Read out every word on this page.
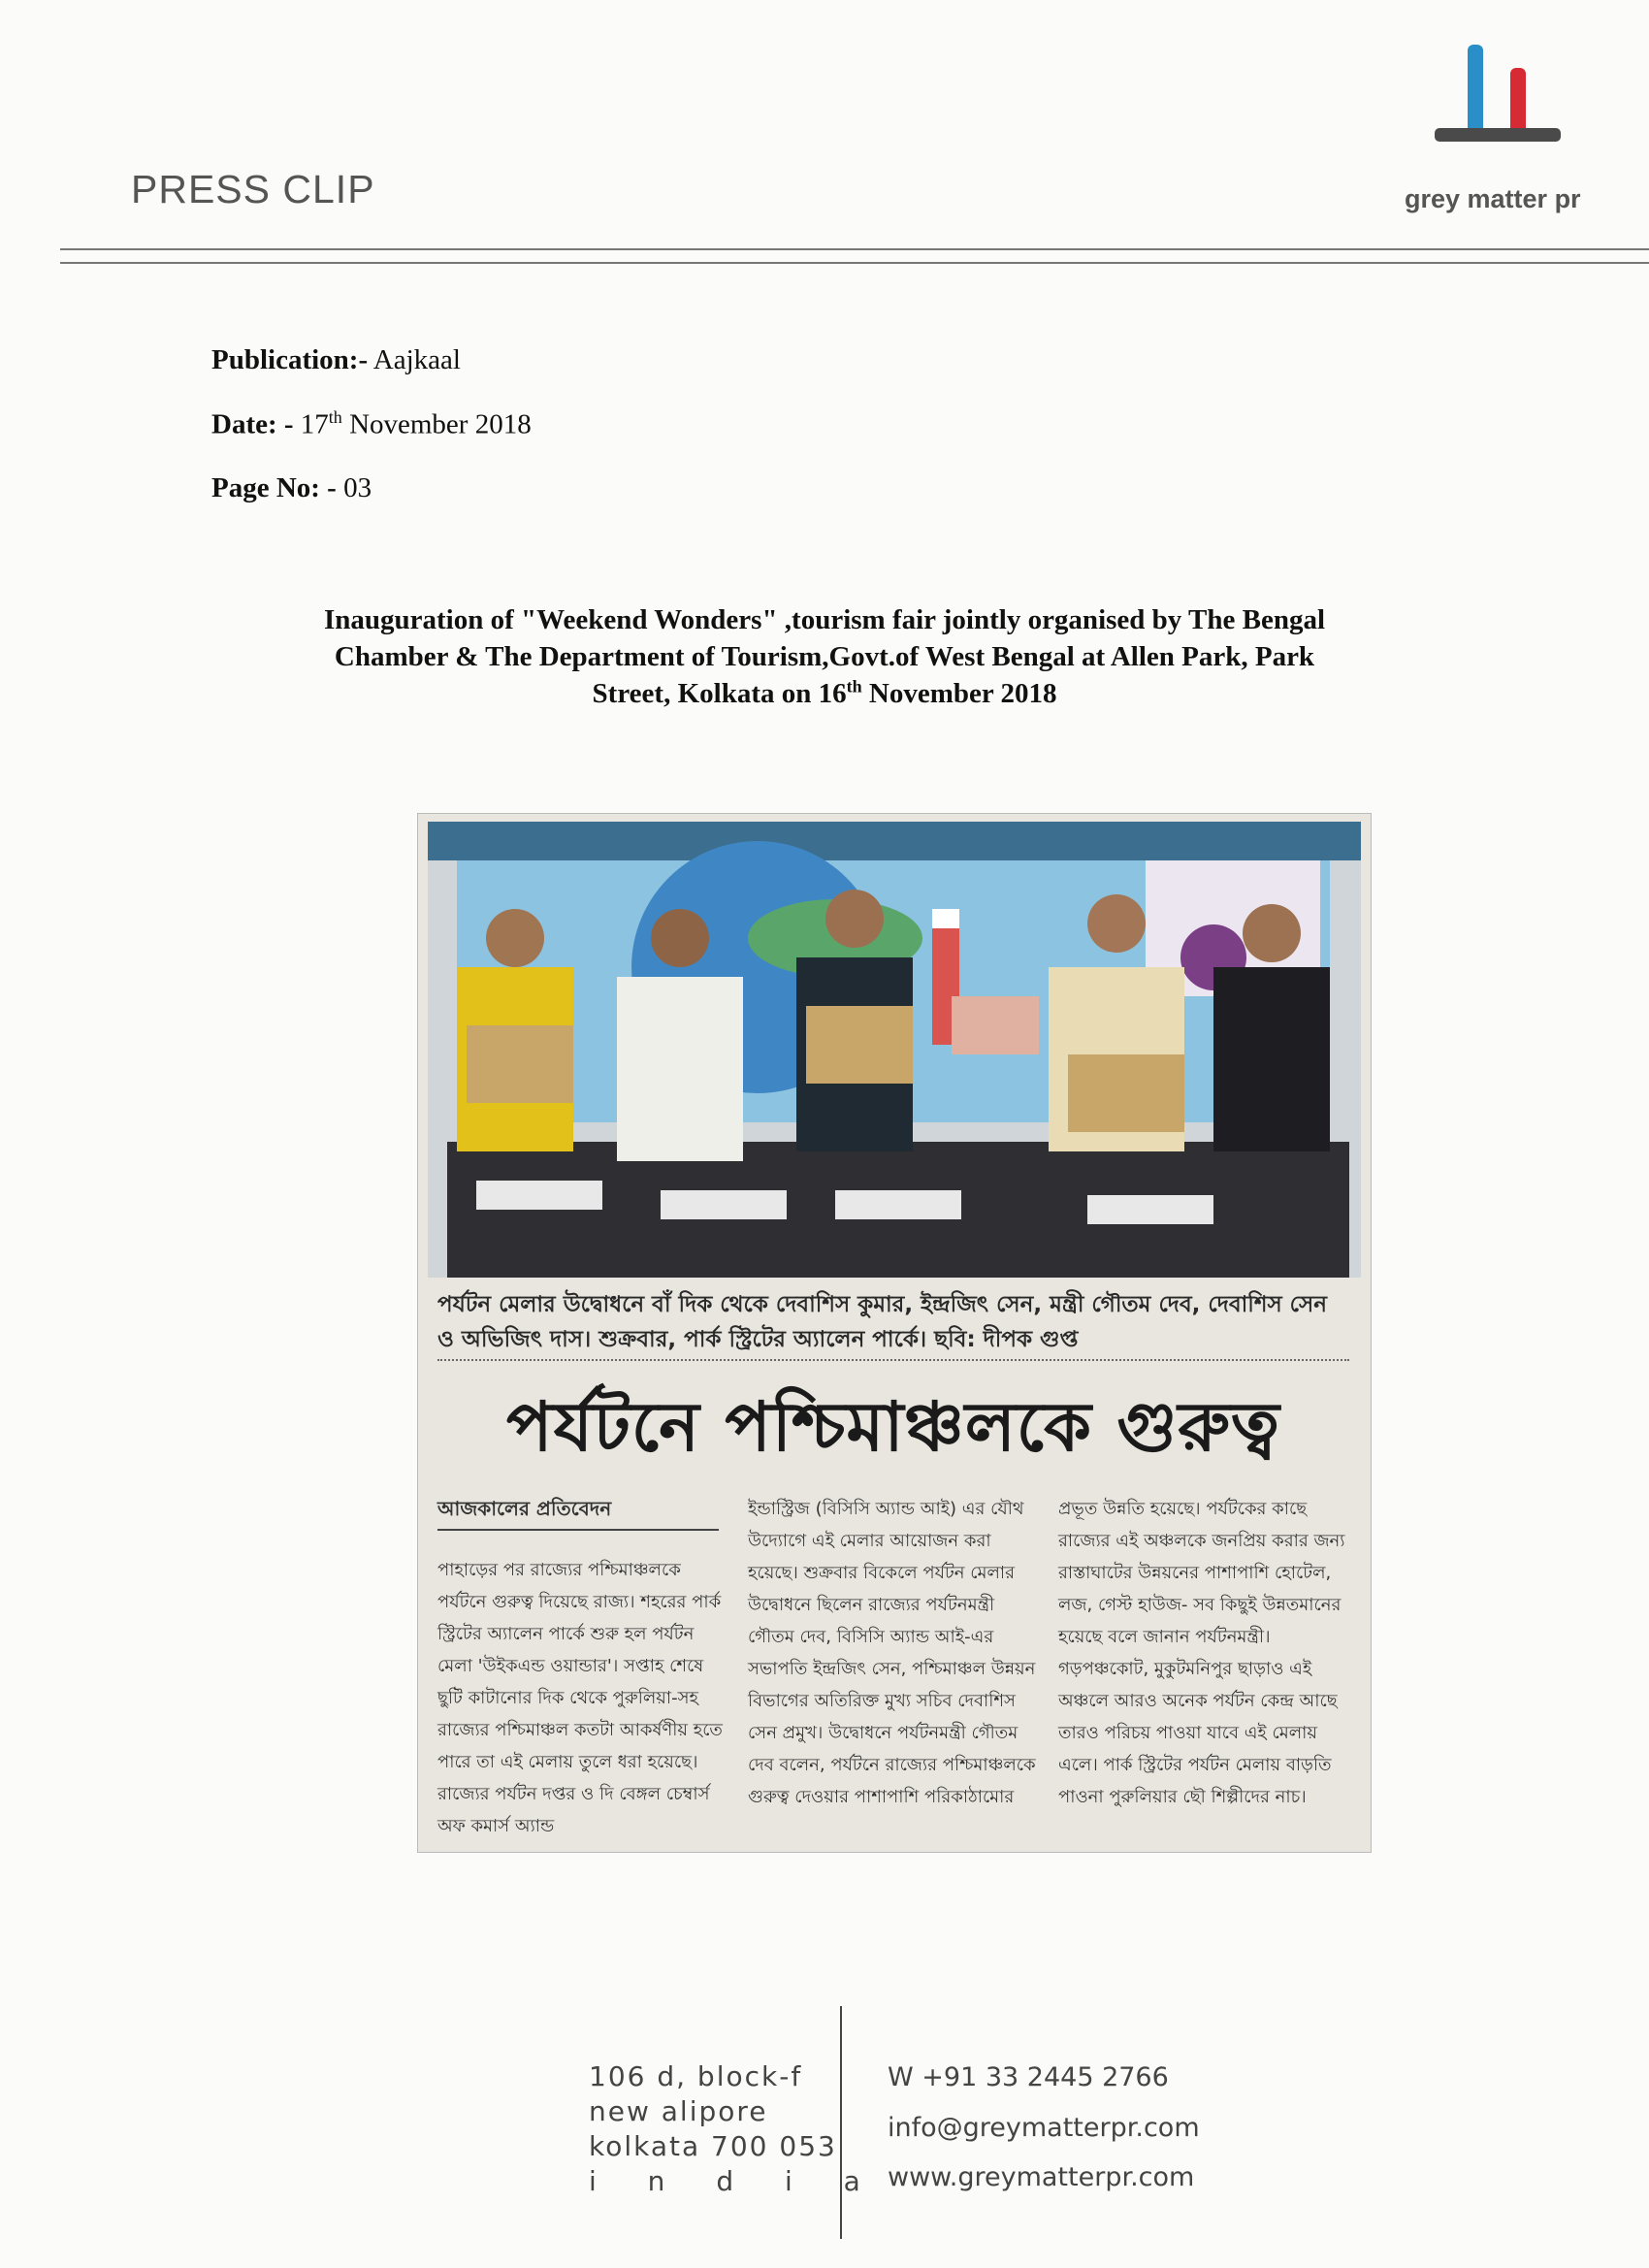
PRESS CLIP	grey matter pr
Publication:- Aajkaal
Date: - 17th November 2018
Page No: - 03
Inauguration of "Weekend Wonders" ,tourism fair jointly organised by The Bengal
Chamber & The Department of Tourism,Govt.of West Bengal at Allen Park, Park
Street, Kolkata on 16th November 2018
পর্যটন মেলার উদ্বোধনে বাঁ দিক থেকে দেবাশিস কুমার, ইন্দ্রজিৎ সেন, মন্ত্রী গৌতম দেব, দেবাশিস সেন
ও অভিজিৎ দাস। শুক্রবার, পার্ক স্ট্রিটের অ্যালেন পার্কে। ছবি: দীপক গুপ্ত
পর্যটনে পশ্চিমাঞ্চলকে গুরুত্ব
আজকালের প্রতিবেদন
পাহাড়ের পর রাজ্যের পশ্চিমাঞ্চলকে পর্যটনে গুরুত্ব দিয়েছে রাজ্য। শহরের পার্ক স্ট্রিটের অ্যালেন পার্কে শুরু হল পর্যটন মেলা 'উইকএন্ড ওয়ান্ডার'। সপ্তাহ শেষে ছুটি কাটানোর দিক থেকে পুরুলিয়া-সহ রাজ্যের পশ্চিমাঞ্চল কতটা আকর্ষণীয় হতে পারে তা এই মেলায় তুলে ধরা হয়েছে। রাজ্যের পর্যটন দপ্তর ও দি বেঙ্গল চেম্বার্স অফ কমার্স অ্যান্ড
ইন্ডাস্ট্রিজ (বিসিসি অ্যান্ড আই) এর যৌথ উদ্যোগে এই মেলার আয়োজন করা হয়েছে। শুক্রবার বিকেলে পর্যটন মেলার উদ্বোধনে ছিলেন রাজ্যের পর্যটনমন্ত্রী গৌতম দেব, বিসিসি অ্যান্ড আই-এর সভাপতি ইন্দ্রজিৎ সেন, পশ্চিমাঞ্চল উন্নয়ন বিভাগের অতিরিক্ত মুখ্য সচিব দেবাশিস সেন প্রমুখ। উদ্বোধনে পর্যটনমন্ত্রী গৌতম দেব বলেন, পর্যটনে রাজ্যের পশ্চিমাঞ্চলকে গুরুত্ব দেওয়ার পাশাপাশি পরিকাঠামোর
প্রভূত উন্নতি হয়েছে। পর্যটকের কাছে রাজ্যের এই অঞ্চলকে জনপ্রিয় করার জন্য রাস্তাঘাটের উন্নয়নের পাশাপাশি হোটেল, লজ, গেস্ট হাউজ- সব কিছুই উন্নতমানের হয়েছে বলে জানান পর্যটনমন্ত্রী। গড়পঞ্চকোট, মুকুটমনিপুর ছাড়াও এই অঞ্চলে আরও অনেক পর্যটন কেন্দ্র আছে তারও পরিচয় পাওয়া যাবে এই মেলায় এলে। পার্ক স্ট্রিটের পর্যটন মেলায় বাড়তি পাওনা পুরুলিয়ার ছৌ শিল্পীদের নাচ।
106 d, block-f
new alipore
kolkata 700 053
i n d i a
W +91 33 2445 2766
info@greymatterpr.com
www.greymatterpr.com
